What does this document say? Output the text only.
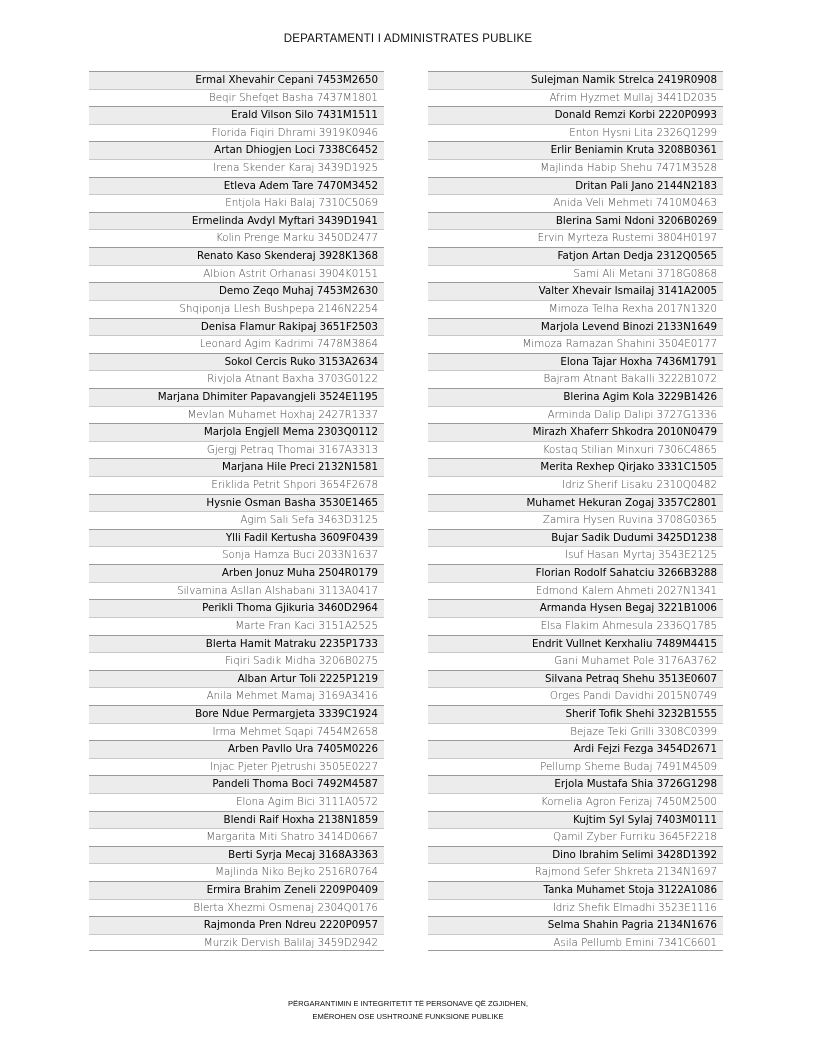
DEPARTAMENTI I ADMINISTRATES PUBLIKE
Ermal Xhevahir Cepani 7453M2650
Beqir Shefqet Basha 7437M1801
Erald Vilson Silo 7431M1511
Florida Fiqiri Dhrami 3919K0946
Artan Dhiogjen Loci 7338C6452
Irena Skender Karaj 3439D1925
Etleva Adem Tare 7470M3452
Entjola Haki Balaj 7310C5069
Ermelinda Avdyl Myftari 3439D1941
Kolin Prenge Marku 3450D2477
Renato Kaso Skenderaj 3928K1368
Albion Astrit Orhanasi 3904K0151
Demo Zeqo Muhaj 7453M2630
Shqiponja Llesh Bushpepa 2146N2254
Denisa Flamur Rakipaj 3651F2503
Leonard Agim Kadrimi 7478M3864
Sokol Cercis Ruko 3153A2634
Rivjola Atnant Baxha 3703G0122
Marjana Dhimiter Papavangjeli 3524E1195
Mevlan Muhamet Hoxhaj 2427R1337
Marjola Engjell Mema 2303Q0112
Gjergj Petraq Thomai 3167A3313
Marjana Hile Preci 2132N1581
Eriklida Petrit Shpori 3654F2678
Hysnie Osman Basha 3530E1465
Agim Sali Sefa 3463D3125
Ylli Fadil Kertusha 3609F0439
Sonja Hamza Buci 2033N1637
Arben Jonuz Muha 2504R0179
Silvamina Asllan Alshabani 3113A0417
Perikli Thoma Gjikuria 3460D2964
Marte Fran Kaci 3151A2525
Blerta Hamit Matraku 2235P1733
Fiqiri Sadik Midha 3206B0275
Alban Artur Toli 2225P1219
Anila Mehmet Mamaj 3169A3416
Bore Ndue Permargjeta 3339C1924
Irma Mehmet Sqapi 7454M2658
Arben Pavllo Ura 7405M0226
Injac Pjeter Pjetrushi 3505E0227
Pandeli Thoma Boci 7492M4587
Elona Agim Bici 3111A0572
Blendi Raif Hoxha 2138N1859
Margarita Miti Shatro 3414D0667
Berti Syrja Mecaj 3168A3363
Majlinda Niko Bejko 2516R0764
Ermira Brahim Zeneli 2209P0409
Blerta Xhezmi Osmenaj 2304Q0176
Rajmonda Pren Ndreu 2220P0957
Murzik Dervish Balilaj 3459D2942
Sulejman Namik Strelca 2419R0908
Afrim Hyzmet Mullaj 3441D2035
Donald Remzi Korbi 2220P0993
Enton Hysni Lita 2326Q1299
Erlir Beniamin Kruta 3208B0361
Majlinda Habip Shehu 7471M3528
Dritan Pali Jano 2144N2183
Anida Veli Mehmeti 7410M0463
Blerina Sami Ndoni 3206B0269
Ervin Myrteza Rustemi 3804H0197
Fatjon Artan Dedja 2312Q0565
Sami Ali Metani 3718G0868
Valter Xhevair Ismailaj 3141A2005
Mimoza Telha Rexha 2017N1320
Marjola Levend Binozi 2133N1649
Mimoza Ramazan Shahini 3504E0177
Elona Tajar Hoxha 7436M1791
Bajram Atnant Bakalli 3222B1072
Blerina Agim Kola 3229B1426
Arminda Dalip Dalipi 3727G1336
Mirazh Xhaferr Shkodra 2010N0479
Kostaq Stilian Minxuri 7306C4865
Merita Rexhep Qirjako 3331C1505
Idriz Sherif Lisaku 2310Q0482
Muhamet Hekuran Zogaj 3357C2801
Zamira Hysen Ruvina 3708G0365
Bujar Sadik Dudumi 3425D1238
Isuf Hasan Myrtaj 3543E2125
Florian Rodolf Sahatciu 3266B3288
Edmond Kalem Ahmeti 2027N1341
Armanda Hysen Begaj 3221B1006
Elsa Flakim Ahmesula 2336Q1785
Endrit Vullnet Kerxhaliu 7489M4415
Gani Muhamet Pole 3176A3762
Silvana Petraq Shehu 3513E0607
Orges Pandi Davidhi 2015N0749
Sherif Tofik Shehi 3232B1555
Bejaze Teki Grilli 3308C0399
Ardi Fejzi Fezga 3454D2671
Pellump Sheme Budaj 7491M4509
Erjola Mustafa Shia 3726G1298
Kornelia Agron Ferizaj 7450M2500
Kujtim Syl Sylaj 7403M0111
Qamil Zyber Furriku 3645F2218
Dino Ibrahim Selimi 3428D1392
Rajmond Sefer Shkreta 2134N1697
Tanka Muhamet Stoja 3122A1086
Idriz Shefik Elmadhi 3523E1116
Selma Shahin Pagria 2134N1676
Asila Pellumb Emini 7341C6601
PËRGARANTIMIN E INTEGRITETIT TË PERSONAVE QË ZGJIDHEN,
EMËROHEN OSE USHTROJNË FUNKSIONE PUBLIKE
